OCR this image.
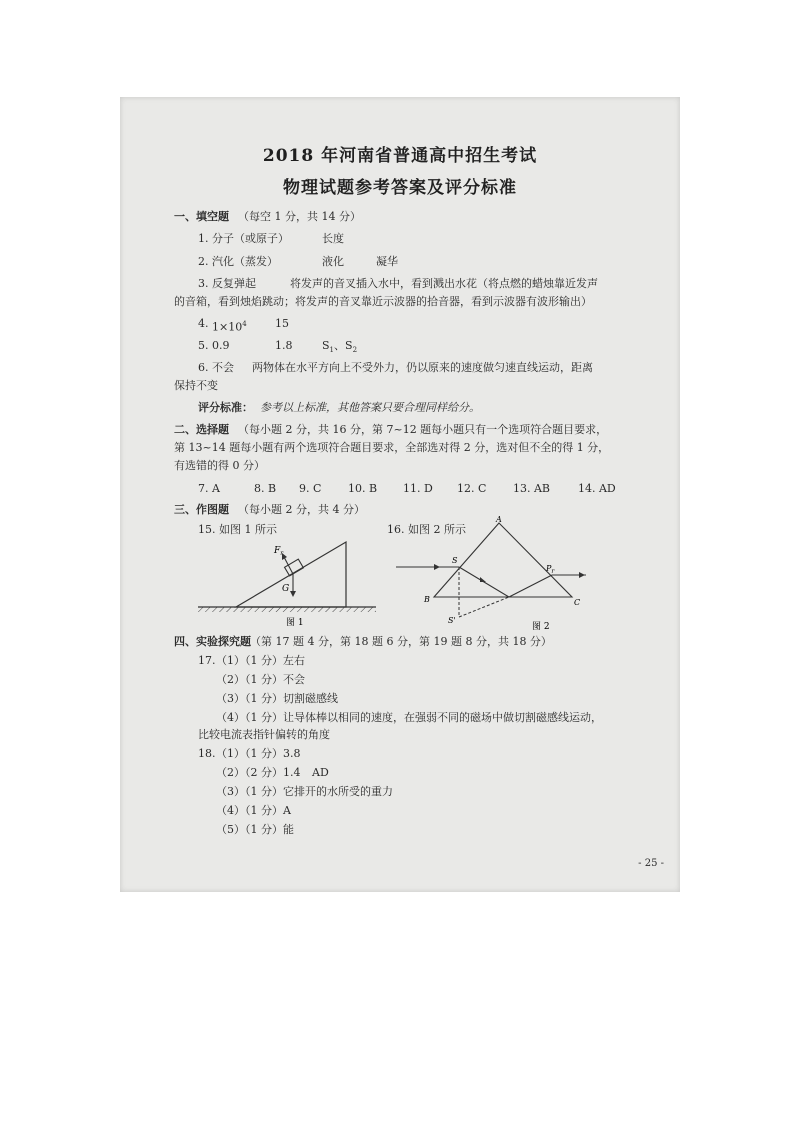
2018 年河南省普通高中招生考试
物理试题参考答案及评分标准
一、填空题 （每空 1 分，共 14 分）
1. 分子（或原子）	长度
2. 汽化（蒸发）	液化	凝华
3. 反复弹起	将发声的音叉插入水中，看到溅出水花（将点燃的蜡烛靠近发声
的音箱，看到烛焰跳动；将发声的音叉靠近示波器的拾音器，看到示波器有波形输出）
4. $1\times 10^4$	15
5. 0.9	1.8	$S_1$、$S_2$
6. 不会 两物体在水平方向上不受外力，仍以原来的速度做匀速直线运动，距离
保持不变
评分标准： 参考以上标准，其他答案只要合理同样给分。
二、选择题 （每小题 2 分，共 16 分，第 7~12 题每小题只有一个选项符合题目要求，
第 13~14 题每小题有两个选项符合题目要求，全部选对得 2 分，选对但不全的得 1 分，
有选错的得 0 分）
7. A	8. B 9. C 10. B 11. D 12. C 13. AB	14. AD
三、作图题 （每小题 2 分，共 4 分）
15. 如图 1 所示	16. 如图 2 所示
$F_r$
G
图 1
A
B	C
S
S'
$P_r$
图 2
四、实验探究题 （第 17 题 4 分，第 18 题 6 分，第 19 题 8 分，共 18 分）
17. （1）（1 分）左右
（2）（1 分）不会
（3）（1 分）切割磁感线
（4）（1 分）让导体棒以相同的速度，在强弱不同的磁场中做切割磁感线运动，
比较电流表指针偏转的角度
18. （1）（1 分）3.8
（2）（2 分）1.4 AD
（3）（1 分）它排开的水所受的重力
（4）（1 分）A
（5）（1 分）能
- 25 -
